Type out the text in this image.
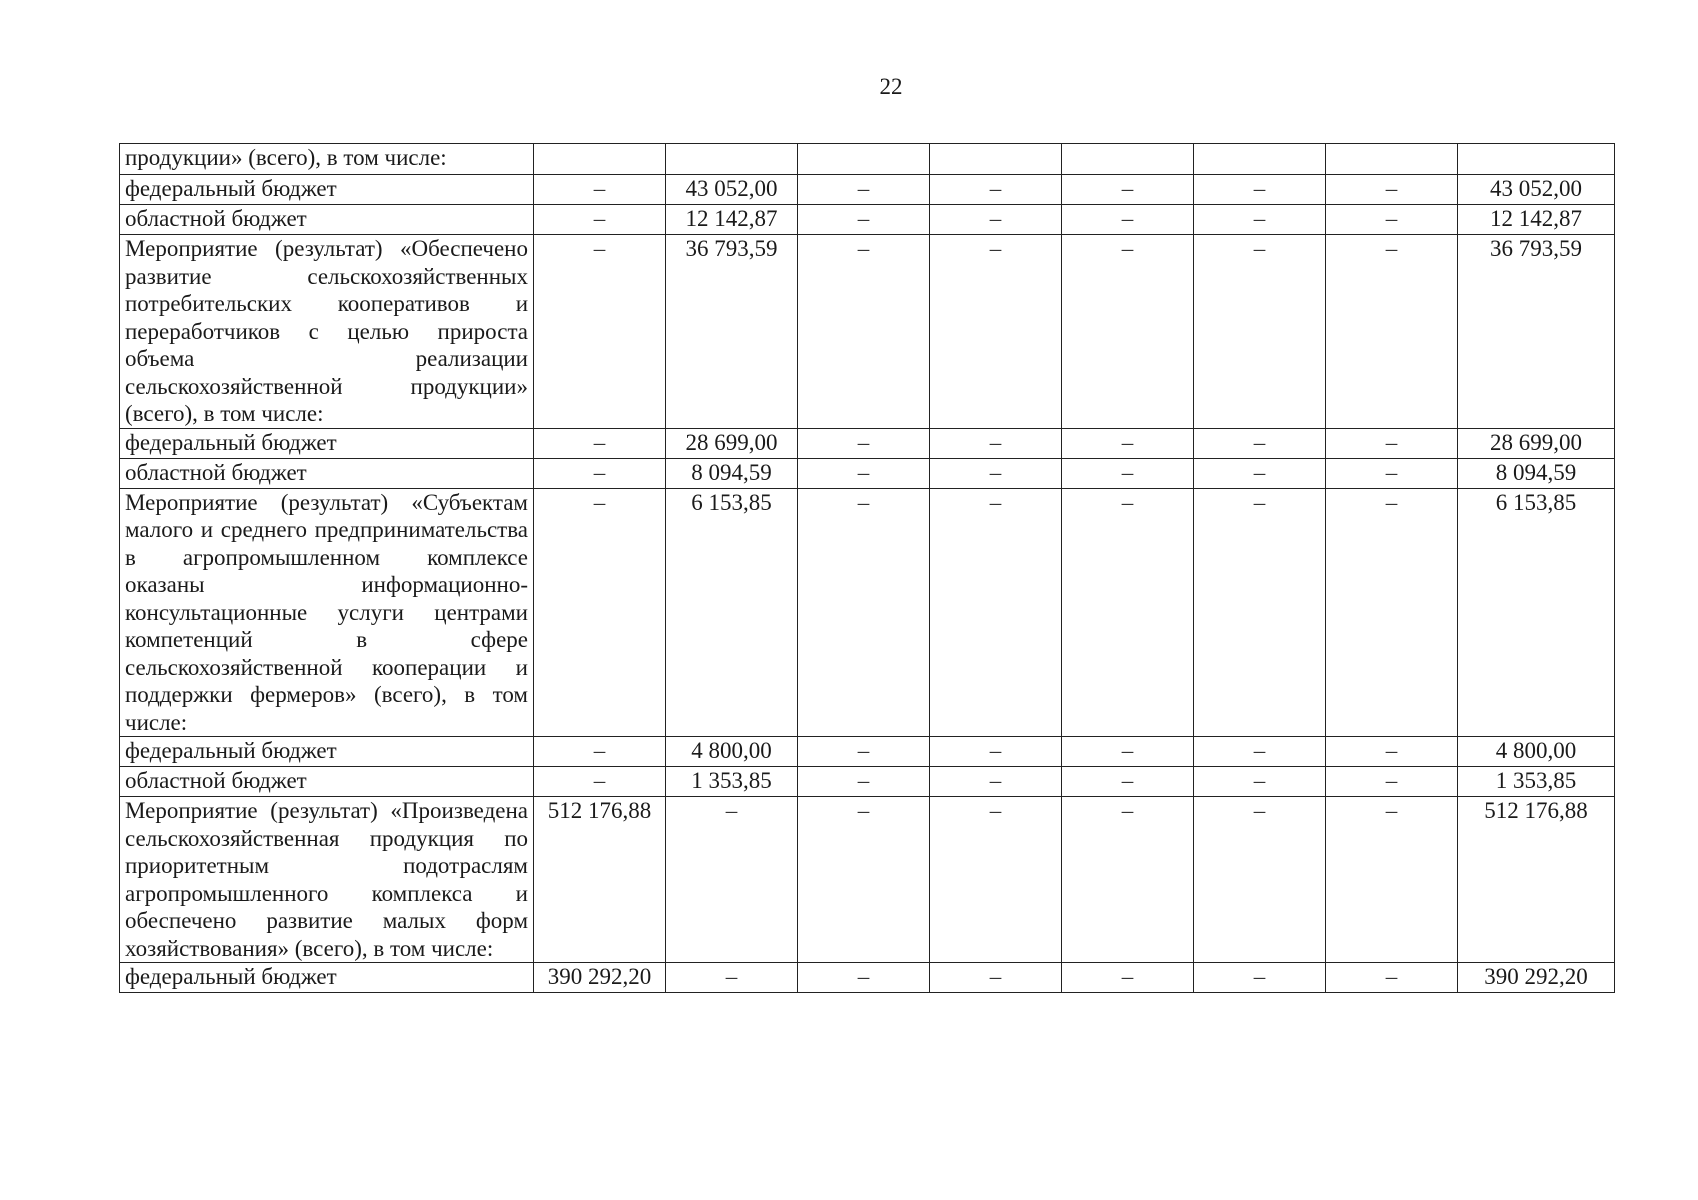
22
продукции» (всего), в том числе:								
федеральный бюджет	–	43 052,00	–	–	–	–	–	43 052,00
областной бюджет	–	12 142,87	–	–	–	–	–	12 142,87
Мероприятие (результат) «Обеспечено развитие сельскохозяйственных потребительских кооперативов и переработчиков с целью прироста объема реализации сельскохозяйственной продукции» (всего), в том числе:	–	36 793,59	–	–	–	–	–	36 793,59
федеральный бюджет	–	28 699,00	–	–	–	–	–	28 699,00
областной бюджет	–	8 094,59	–	–	–	–	–	8 094,59
Мероприятие (результат) «Субъектам малого и среднего предпринимательства в агропромышленном комплексе оказаны информационно-консультационные услуги центрами компетенций в сфере сельскохозяйственной кооперации и поддержки фермеров» (всего), в том числе:	–	6 153,85	–	–	–	–	–	6 153,85
федеральный бюджет	–	4 800,00	–	–	–	–	–	4 800,00
областной бюджет	–	1 353,85	–	–	–	–	–	1 353,85
Мероприятие (результат) «Произведена сельскохозяйственная продукция по приоритетным подотраслям агропромышленного комплекса и обеспечено развитие малых форм хозяйствования» (всего), в том числе:	512 176,88	–	–	–	–	–	–	512 176,88
федеральный бюджет	390 292,20	–	–	–	–	–	–	390 292,20
